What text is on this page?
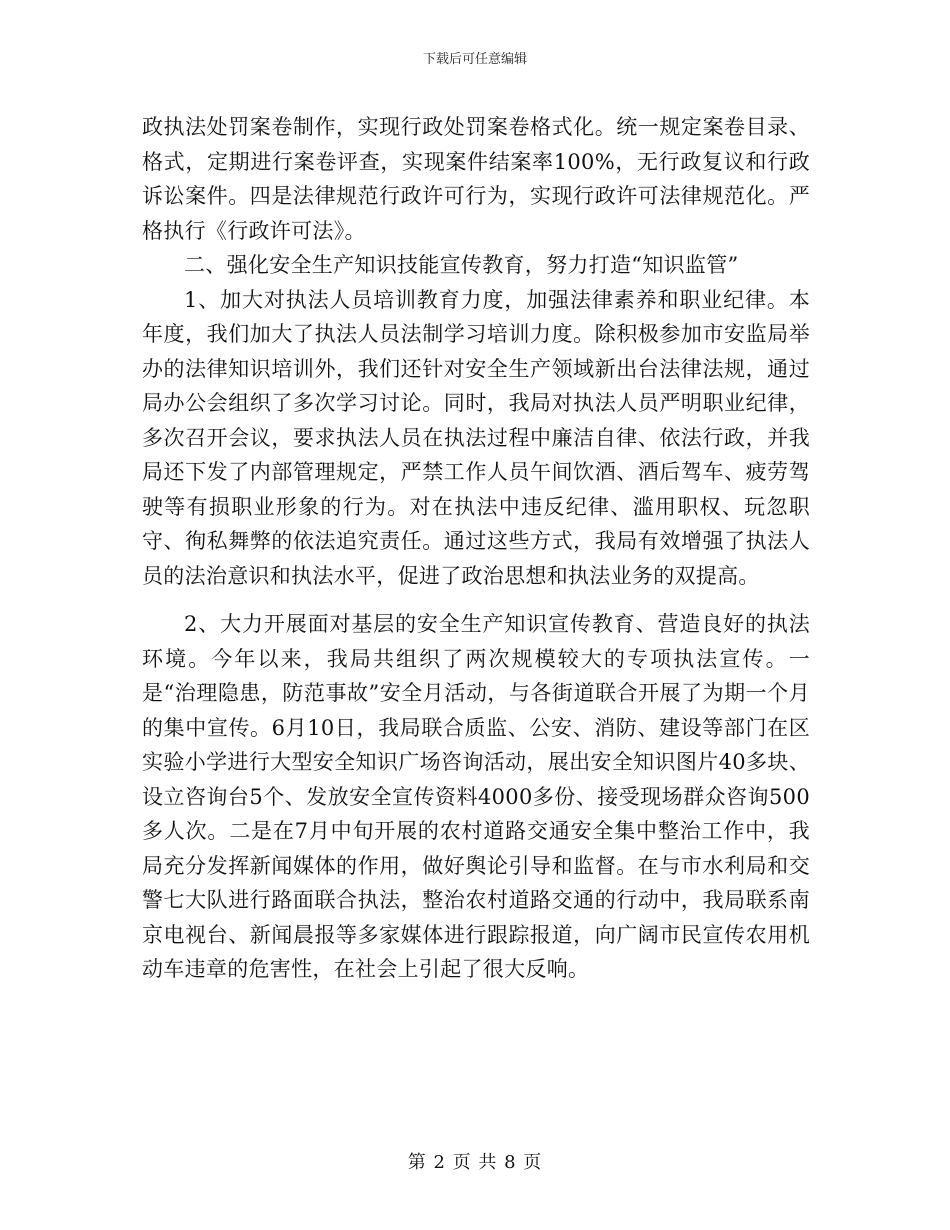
下载后可任意编辑

政执法处罚案卷制作，实现行政处罚案卷格式化。统一规定案卷目录、格式，定期进行案卷评查，实现案件结案率100%，无行政复议和行政诉讼案件。四是法律规范行政许可行为，实现行政许可法律规范化。严格执行《行政许可法》。

二、强化安全生产知识技能宣传教育，努力打造“知识监管”

1、加大对执法人员培训教育力度，加强法律素养和职业纪律。本年度，我们加大了执法人员法制学习培训力度。除积极参加市安监局举办的法律知识培训外，我们还针对安全生产领域新出台法律法规，通过局办公会组织了多次学习讨论。同时，我局对执法人员严明职业纪律，多次召开会议，要求执法人员在执法过程中廉洁自律、依法行政，并我局还下发了内部管理规定，严禁工作人员午间饮酒、酒后驾车、疲劳驾驶等有损职业形象的行为。对在执法中违反纪律、滥用职权、玩忽职守、徇私舞弊的依法追究责任。通过这些方式，我局有效增强了执法人员的法治意识和执法水平，促进了政治思想和执法业务的双提高。

2、大力开展面对基层的安全生产知识宣传教育、营造良好的执法环境。今年以来，我局共组织了两次规模较大的专项执法宣传。一是“治理隐患，防范事故”安全月活动，与各街道联合开展了为期一个月的集中宣传。6月10日，我局联合质监、公安、消防、建设等部门在区实验小学进行大型安全知识广场咨询活动，展出安全知识图片40多块、设立咨询台5个、发放安全宣传资料4000多份、接受现场群众咨询500多人次。二是在7月中旬开展的农村道路交通安全集中整治工作中，我局充分发挥新闻媒体的作用，做好舆论引导和监督。在与市水利局和交警七大队进行路面联合执法，整治农村道路交通的行动中，我局联系南京电视台、新闻晨报等多家媒体进行跟踪报道，向广阔市民宣传农用机动车违章的危害性，在社会上引起了很大反响。

第 2 页 共 8 页
